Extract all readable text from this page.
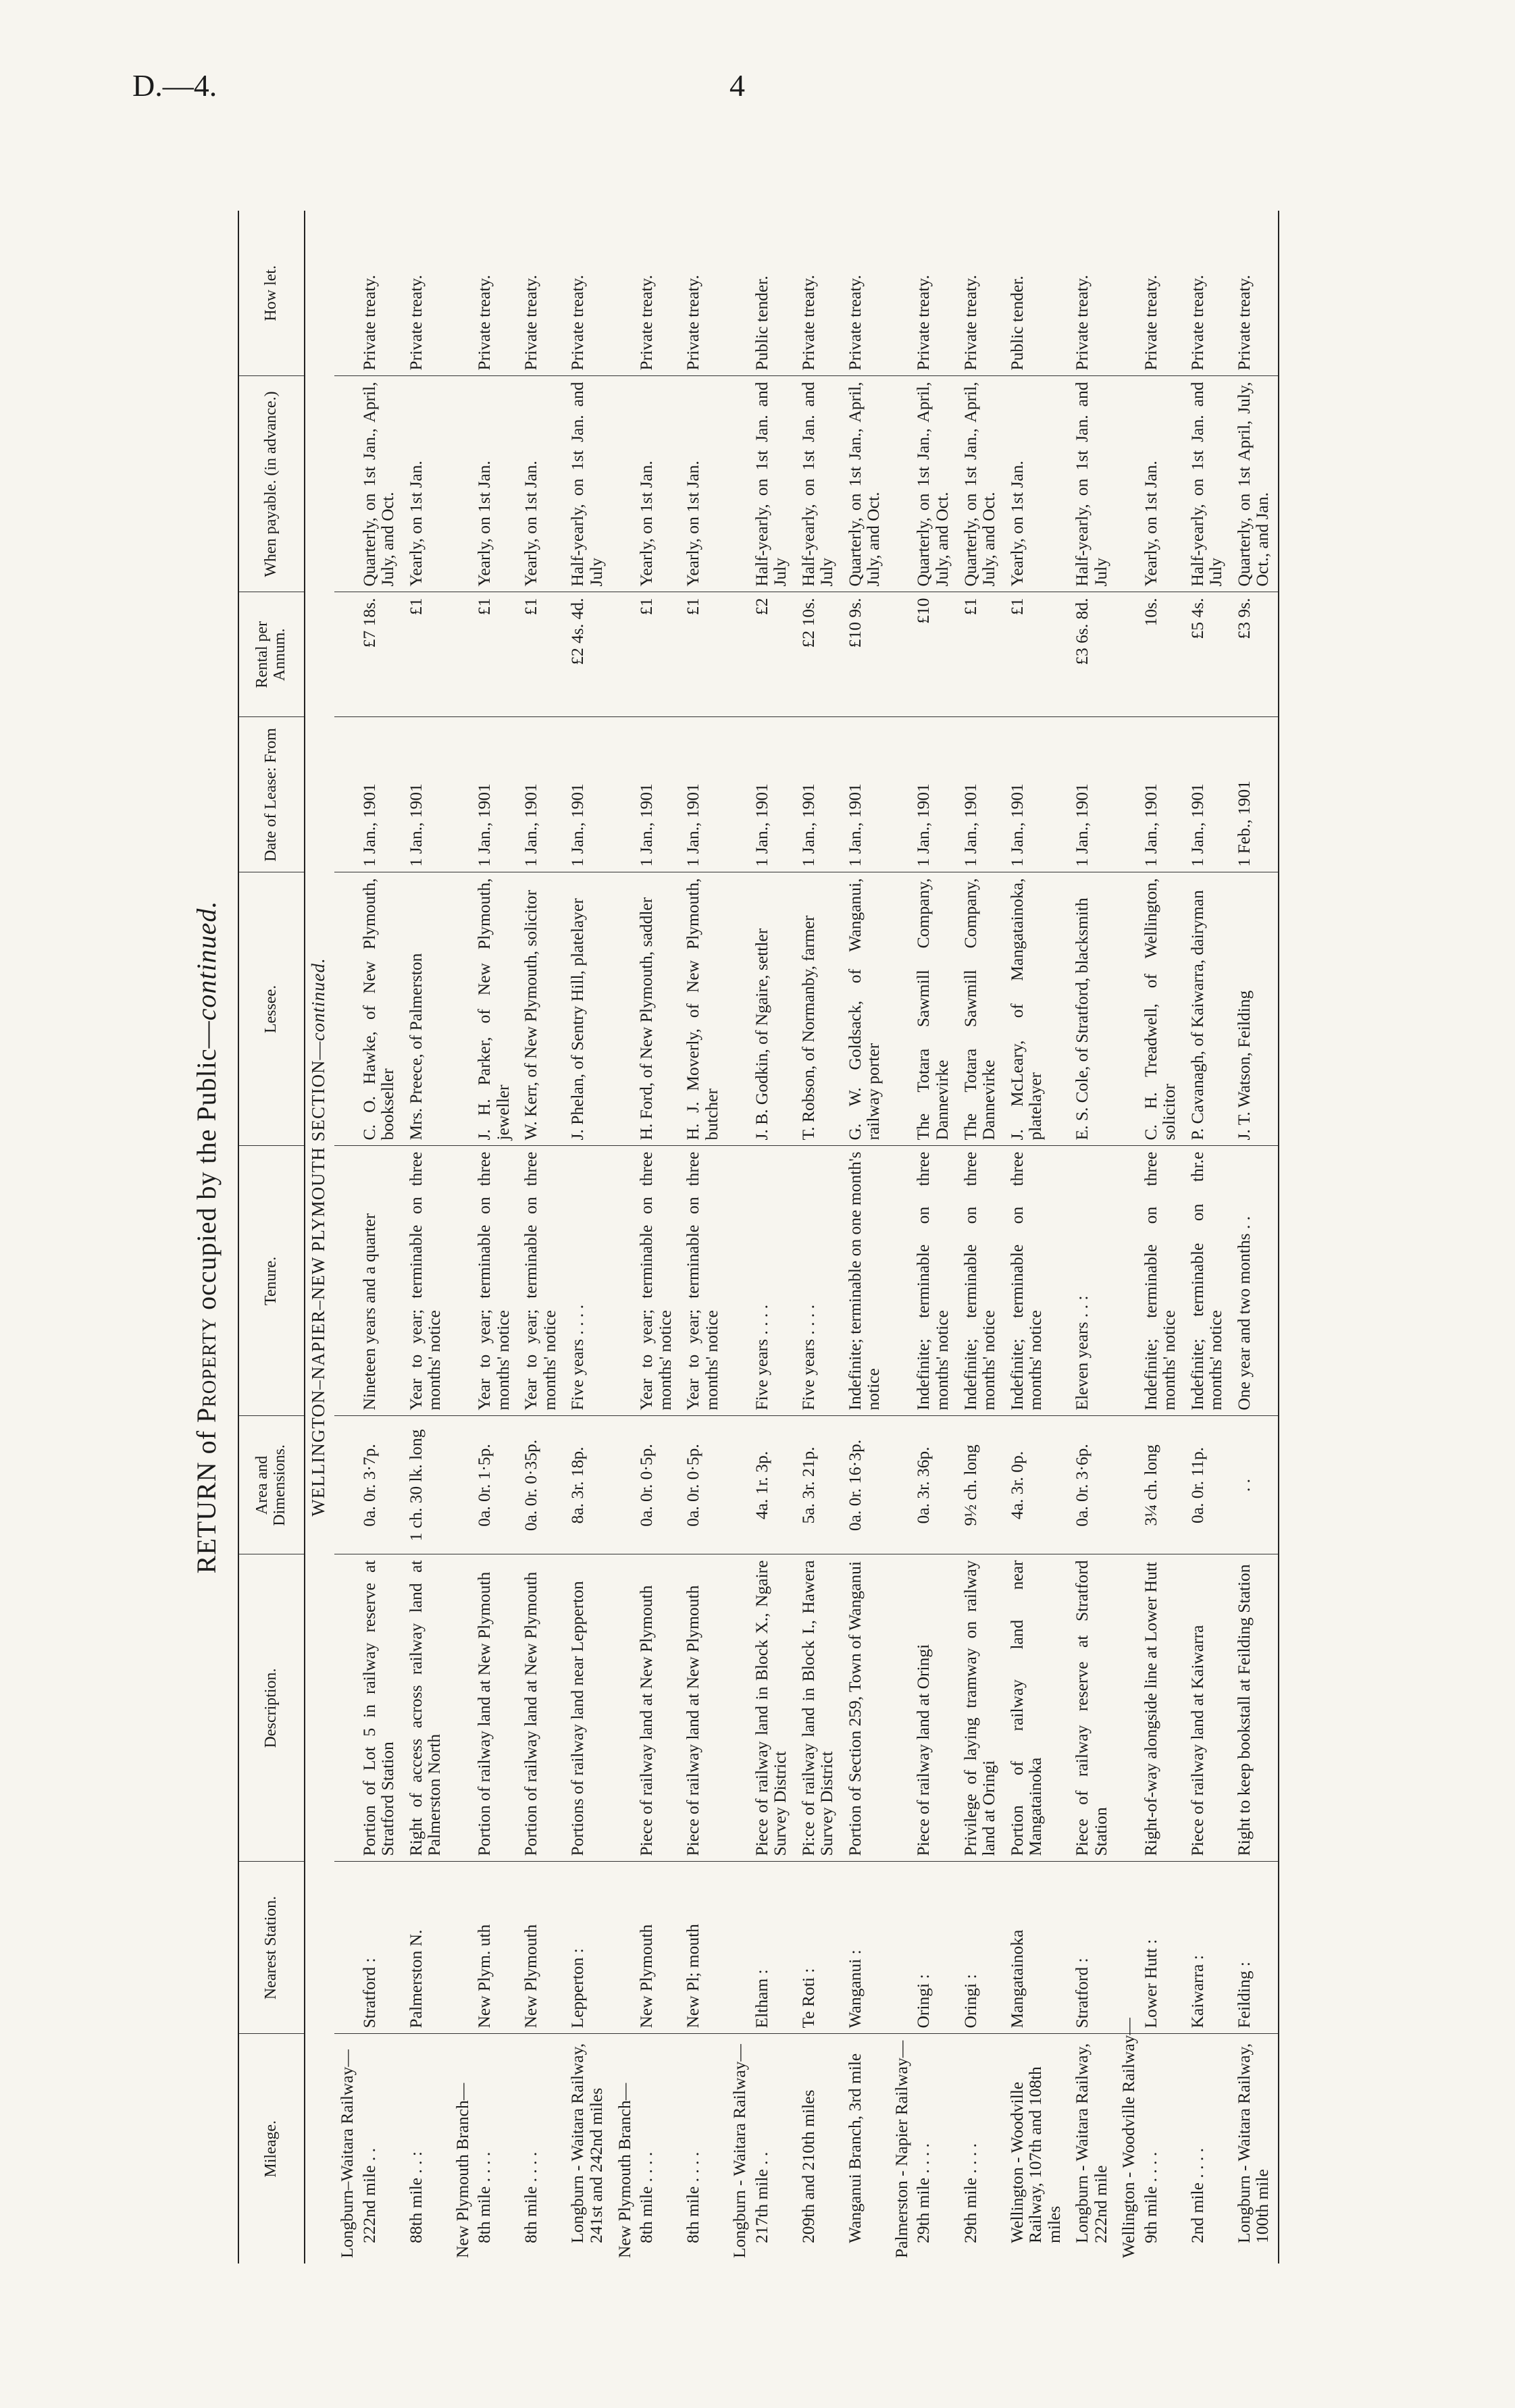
D.—4.	4
RETURN of Property occupied by the Public—continued.
Mileage.	Nearest Station.	Description.	Area and Dimensions.	Tenure.	Lessee.	Date of Lease: From	Rental per Annum.	When payable. (in advance.)	How let.
WELLINGTON–NAPIER–NEW PLYMOUTH SECTION—continued.									
Longburn–Waitara Railway—									
222nd mile . .	Stratford :	Portion of Lot 5 in railway reserve at Stratford Station	0a. 0r. 3·7p.	Nineteen years and a quarter	C. O. Hawke, of New Plymouth, bookseller	1 Jan., 1901	£7 18s.	Quarterly, on 1st Jan., April, July, and Oct.	Private treaty.
88th mile . . :	Palmerston N.	Right of access across railway land at Palmerston North	1 ch. 30 lk. long	Year to year; terminable on three months' notice	Mrs. Preece, of Palmerston	1 Jan., 1901	£1	Yearly, on 1st Jan.	Private treaty.
New Plymouth Branch—									
8th mile . . . .	New Plym. uth	Portion of railway land at New Plymouth	0a. 0r. 1·5p.	Year to year; terminable on three months' notice	J. H. Parker, of New Plymouth, jeweller	1 Jan., 1901	£1	Yearly, on 1st Jan.	Private treaty.
8th mile . . . .	New Plymouth	Portion of railway land at New Plymouth	0a. 0r. 0·35p.	Year to year; terminable on three months' notice	W. Kerr, of New Plymouth, solicitor	1 Jan., 1901	£1	Yearly, on 1st Jan.	Private treaty.
Longburn - Waitara Railway, 241st and 242nd miles	Lepperton :	Portions of railway land near Lepperton	8a. 3r. 18p.	Five years . . . .	J. Phelan, of Sentry Hill, platelayer	1 Jan., 1901	£2 4s. 4d.	Half-yearly, on 1st Jan. and July	Private treaty.
New Plymouth Branch—									
8th mile . . . .	New Plymouth	Piece of railway land at New Plymouth	0a. 0r. 0·5p.	Year to year; terminable on three months' notice	H. Ford, of New Plymouth, saddler	1 Jan., 1901	£1	Yearly, on 1st Jan.	Private treaty.
8th mile . . . .	New Pl; mouth	Piece of railway land at New Plymouth	0a. 0r. 0·5p.	Year to year; terminable on three months' notice	H. J. Moverly, of New Plymouth, butcher	1 Jan., 1901	£1	Yearly, on 1st Jan.	Private treaty.
Longburn - Waitara Railway—									
217th mile . .	Eltham :	Piece of railway land in Block X., Ngaire Survey District	4a. 1r. 3p.	Five years . . . .	J. B. Godkin, of Ngaire, settler	1 Jan., 1901	£2	Half-yearly, on 1st Jan. and July	Public tender.
209th and 210th miles	Te Roti :	Pi:ce of railway land in Block I., Hawera Survey District	5a. 3r. 21p.	Five years . . . .	T. Robson, of Normanby, farmer	1 Jan., 1901	£2 10s.	Half-yearly, on 1st Jan. and July	Private treaty.
Wanganui Branch, 3rd mile	Wanganui :	Portion of Section 259, Town of Wanganui	0a. 0r. 16·3p.	Indefinite; terminable on one month's notice	G. W. Goldsack, of Wanganui, railway porter	1 Jan., 1901	£10 9s.	Quarterly, on 1st Jan., April, July, and Oct.	Private treaty.
Palmerston - Napier Railway—									
29th mile . . . .	Oringi :	Piece of railway land at Oringi	0a. 3r. 36p.	Indefinite; terminable on three months' notice	The Totara Sawmill Company, Dannevirke	1 Jan., 1901	£10	Quarterly, on 1st Jan., April, July, and Oct.	Private treaty.
29th mile . . . .	Oringi :	Privilege of laying tramway on railway land at Oringi	9½ ch. long	Indefinite; terminable on three months' notice	The Totara Sawmill Company, Dannevirke	1 Jan., 1901	£1	Quarterly, on 1st Jan., April, July, and Oct.	Private treaty.
Wellington - Woodville Railway, 107th and 108th miles	Mangatainoka	Portion of railway land near Mangatainoka	4a. 3r. 0p.	Indefinite; terminable on three months' notice	J. McLeary, of Mangatainoka, platelayer	1 Jan., 1901	£1	Yearly, on 1st Jan.	Public tender.
Longburn - Waitara Railway, 222nd mile	Stratford :	Piece of railway reserve at Stratford Station	0a. 0r. 3·6p.	Eleven years . . :	E. S. Cole, of Stratford, blacksmith	1 Jan., 1901	£3 6s. 8d.	Half-yearly, on 1st Jan. and July	Private treaty.
Wellington - Woodville Railway—									
9th mile . . . .	Lower Hutt :	Right-of-way alongside line at Lower Hutt	3¼ ch. long	Indefinite; terminable on three months' notice	C. H. Treadwell, of Wellington, solicitor	1 Jan., 1901	10s.	Yearly, on 1st Jan.	Private treaty.
2nd mile . . . .	Kaiwarra :	Piece of railway land at Kaiwarra	0a. 0r. 11p.	Indefinite; terminable on thr.e months' notice	P. Cavanagh, of Kaiwarra, dairyman	1 Jan., 1901	£5 4s.	Half-yearly, on 1st Jan. and July	Private treaty.
Longburn - Waitara Railway, 100th mile	Feilding :	Right to keep bookstall at Feilding Station	. .	One year and two months . .	J. T. Watson, Feilding	1 Feb., 1901	£3 9s.	Quarterly, on 1st April, July, Oct., and Jan.	Private treaty.
